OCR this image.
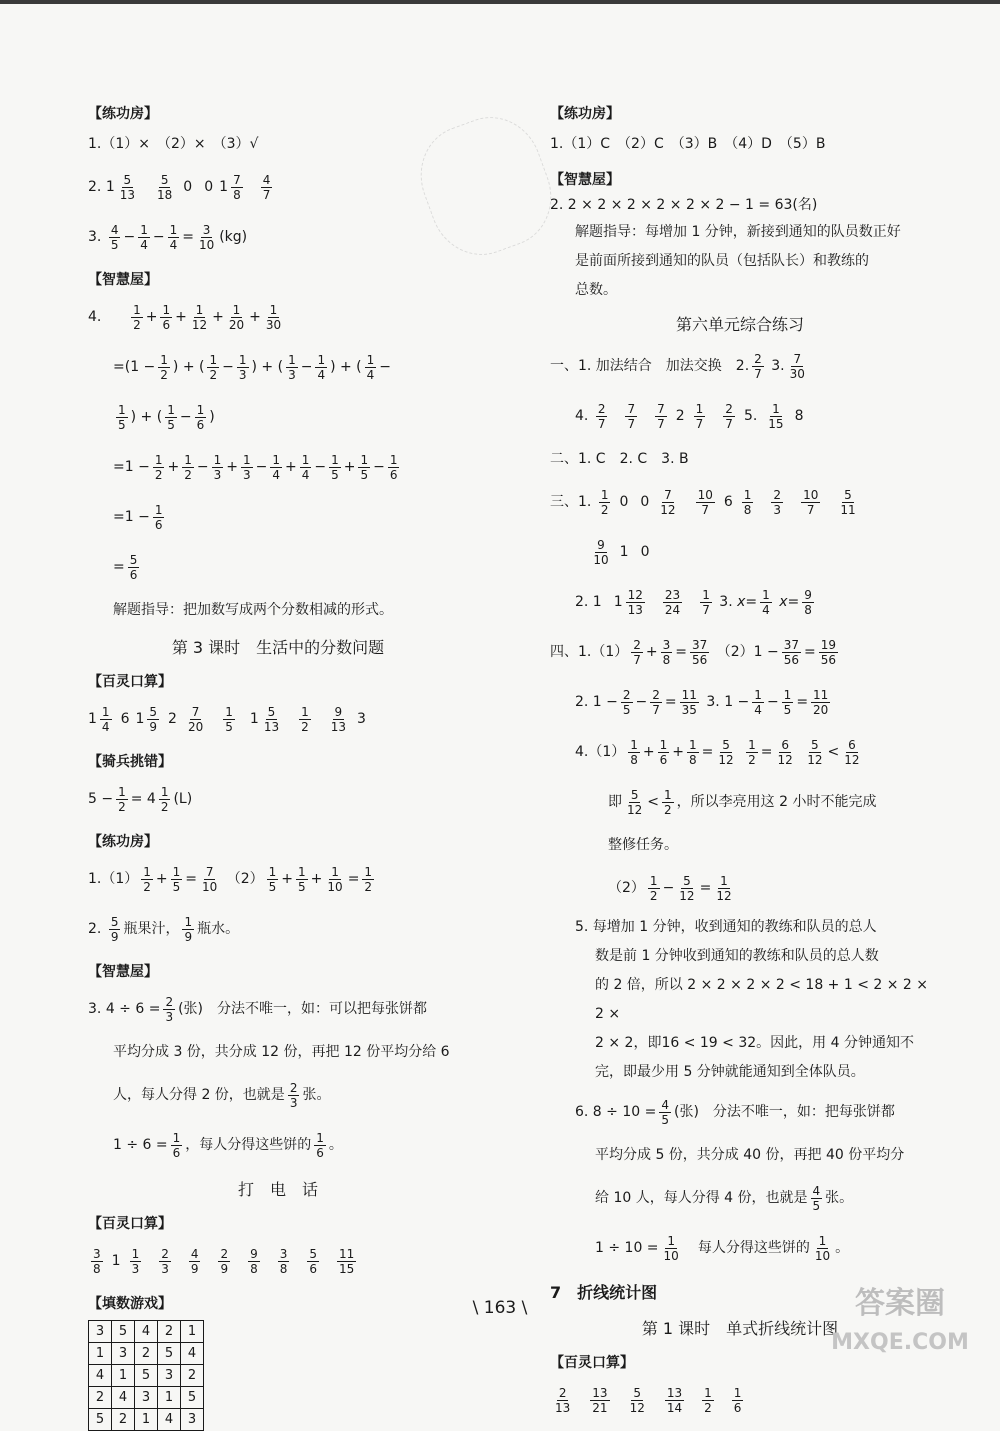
【练功房】
1.（1）×　（2）×　（3）√
2.
$1 \frac{5}{13} \frac{5}{18} 0$ 0 $1 \frac{7}{8} \frac{4}{7}$
3.
$\frac{4}{5} - \frac{1}{4} - \frac{1}{4} = \frac{3}{10} (kg)$
【智慧屋】
4.
$\frac{1}{2} + \frac{1}{6} + \frac{1}{12} + \frac{1}{20} + \frac{1}{30}$
$=(1 - \frac{1}{2}$ ) + ( $\frac{1}{2} - \frac{1}{3}$ ) + ( $\frac{1}{3} - \frac{1}{4}$ ) + ( $\frac{1}{4}$ −
$\frac{1}{5}$ ) + ( $\frac{1}{5} - \frac{1}{6}$ )
$=1 - \frac{1}{2} + \frac{1}{2} - \frac{1}{3} + \frac{1}{3} - \frac{1}{4} + \frac{1}{4} - \frac{1}{5} + \frac{1}{5} - \frac{1}{6}$
$=1 - \frac{1}{6}$
= $\frac{5}{6}$
解题指导：把加数写成两个分数相减的形式。
第 3 课时　生活中的分数问题
【百灵口算】
$1 \frac{1}{4} 6$ $1 \frac{5}{9} 2 \frac{7}{20} \frac{1}{5} 1 \frac{5}{13} \frac{1}{2} \frac{9}{13} 3$
【骑兵挑错】
$5 - \frac{1}{2} = 4 \frac{1}{2} (L)$
【练功房】
$1.(1) \frac{1}{2} + \frac{1}{5} = \frac{7}{10} (2) \frac{1}{5} + \frac{1}{5} + \frac{1}{10} = \frac{1}{2}$
2. $\frac{5}{9}$ 瓶果汁， $\frac{1}{9}$ 瓶水。
【智慧屋】
3. $4 \div 6 = \frac{2}{3}$ (张)　分法不唯一，如：可以把每张饼都
平均分成 3 份，共分成 12 份，再把 12 份平均分给 6
人，每人分得 2 份，也就是 $\frac{2}{3}$ 张。
$1 \div 6 = \frac{1}{6}$ ，每人分得这些饼的 $\frac{1}{6}$ 。
打　电　话
【百灵口算】
$\frac{3}{8} 1 \frac{1}{3} \frac{2}{3} \frac{4}{9} \frac{2}{9} \frac{9}{8} \frac{3}{8} \frac{5}{6} \frac{11}{15}$
【填数游戏】
3	5	4	2	1
1	3	2	5	4
4	1	5	3	2
2	4	3	1	5
5	2	1	4	3
【练功房】
1.（1）C　（2）C　（3）B　（4）D　（5）B
【智慧屋】
2. 2 × 2 × 2 × 2 × 2 × 2 − 1 = 63(名)
解题指导：每增加 1 分钟，新接到通知的队员数正好
是前面所接到通知的队员（包括队长）和教练的
总数。
第六单元综合练习
一、1. 加法结合　加法交换　2. $\frac{2}{7} 3$. $\frac{7}{30}$
4. $\frac{2}{7} \frac{7}{7} \frac{7}{7} 2 \frac{1}{7} \frac{2}{7} 5$. $\frac{1}{15} 8$
二、1. C　2. C　3. B
三、1.
$\frac{1}{2} 0$ $0 \frac{7}{12} \frac{10}{7} 6 \frac{1}{8} \frac{2}{3} \frac{10}{7} \frac{5}{11}$

$\frac{9}{10} 1$ 0
2. 1 $1 \frac{12}{13} \frac{23}{24} \frac{1}{7} 3$. $x = \frac{1}{4}$
$x = \frac{9}{8}$
四、1. $(1) \frac{2}{7} + \frac{3}{8} = \frac{37}{56} (2)1 - \frac{37}{56} = \frac{19}{56}$
2. $1 - \frac{2}{5} - \frac{2}{7} = \frac{11}{35} 3$. $1 - \frac{1}{4} - \frac{1}{5} = \frac{11}{20}$
$4.(1) \frac{1}{8} + \frac{1}{6} + \frac{1}{8} = \frac{5}{12}$
$\frac{1}{2} = \frac{6}{12}$
$\frac{5}{12} < \frac{6}{12}$
即 $\frac{5}{12} < \frac{1}{2}$ ，所以李亮用这 2 小时不能完成
整修任务。
$(2) \frac{1}{2} - \frac{5}{12} = \frac{1}{12}$
5. 每增加 1 分钟，收到通知的教练和队员的总人
数是前 1 分钟收到通知的教练和队员的总人数
的 2 倍，所以 2 × 2 × 2 × 2 < 18 + 1 < 2 × 2 × 2 ×
2 × 2，即16 < 19 < 32。因此，用 4 分钟通知不
完，即最少用 5 分钟就能通知到全体队员。
6. $8 \div 10 = \frac{4}{5}$ (张)　分法不唯一，如：把每张饼都
平均分成 5 份，共分成 40 份，再把 40 份平均分
给 10 人，每人分得 4 份，也就是 $\frac{4}{5}$ 张。
$1 \div 10 = \frac{1}{10}$ 　每人分得这些饼的 $\frac{1}{10}$ 。
7　折线统计图
第 1 课时　单式折线统计图
【百灵口算】
$\frac{2}{13} \frac{13}{21} \frac{5}{12} \frac{13}{14} \frac{1}{2} \frac{1}{6}$
\ 163 \	答案圈
MXQE.COM
